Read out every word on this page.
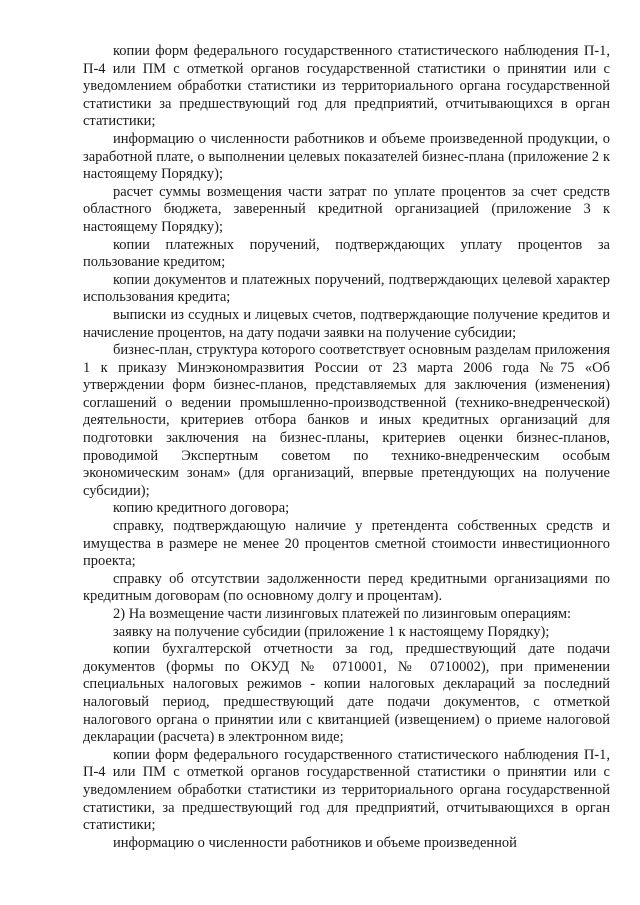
копии форм федерального государственного статистического наблюдения П-1, П-4 или ПМ с отметкой органов государственной статистики о принятии или с уведомлением обработки статистики из территориального органа государственной статистики за предшествующий год для предприятий, отчитывающихся в орган статистики;

информацию о численности работников и объеме произведенной продукции, о заработной плате, о выполнении целевых показателей бизнес-плана (приложение 2 к настоящему Порядку);

расчет суммы возмещения части затрат по уплате процентов за счет средств областного бюджета, заверенный кредитной организацией (приложение 3 к настоящему Порядку);

копии платежных поручений, подтверждающих уплату процентов за пользование кредитом;

копии документов и платежных поручений, подтверждающих целевой характер использования кредита;

выписки из ссудных и лицевых счетов, подтверждающие получение кредитов и начисление процентов, на дату подачи заявки на получение субсидии;

бизнес-план, структура которого соответствует основным разделам приложения 1 к приказу Минэкономразвития России от 23 марта 2006 года №75 «Об утверждении форм бизнес-планов, представляемых для заключения (изменения) соглашений о ведении промышленно-производственной (технико-внедренческой) деятельности, критериев отбора банков и иных кредитных организаций для подготовки заключения на бизнес-планы, критериев оценки бизнес-планов, проводимой Экспертным советом по технико-внедренческим особым экономическим зонам» (для организаций, впервые претендующих на получение субсидии);

копию кредитного договора;

справку, подтверждающую наличие у претендента собственных средств и имущества в размере не менее 20 процентов сметной стоимости инвестиционного проекта;

справку об отсутствии задолженности перед кредитными организациями по кредитным договорам (по основному долгу и процентам).

2) На возмещение части лизинговых платежей по лизинговым операциям:

заявку на получение субсидии (приложение 1 к настоящему Порядку);

копии бухгалтерской отчетности за год, предшествующий дате подачи документов (формы по ОКУД № 0710001, № 0710002), при применении специальных налоговых режимов - копии налоговых деклараций за последний налоговый период, предшествующий дате подачи документов, с отметкой налогового органа о принятии или с квитанцией (извещением) о приеме налоговой декларации (расчета) в электронном виде;

копии форм федерального государственного статистического наблюдения П-1, П-4 или ПМ с отметкой органов государственной статистики о принятии или с уведомлением обработки статистики из территориального органа государственной статистики, за предшествующий год для предприятий, отчитывающихся в орган статистики;

информацию о численности работников и объеме произведенной
